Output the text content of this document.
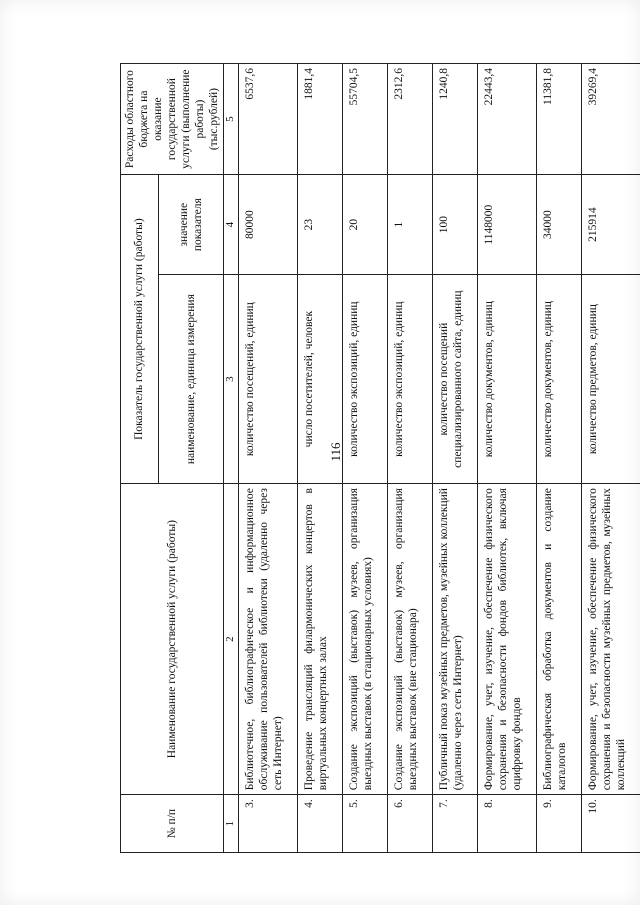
116
№ п/п	Наименование государственной услуги (работы)	Показатель государственной услуги (работы)		Расходы областного бюджета на оказание государственной услуги (выполнение работы) (тыс.рублей)
		наименование, единица измерения	значение показателя	
1	2	3	4	5
3.	Библиотечное, библиографическое и информационное обслуживание пользователей библиотеки (удаленно через сеть Интернет)	количество посещений, единиц	80000	6537,6
4.	Проведение трансляций филармонических концертов в виртуальных концертных залах	число посетителей, человек	23	1881,4
5.	Создание экспозиций (выставок) музеев, организация выездных выставок (в стационарных условиях)	количество экспозиций, единиц	20	55704,5
6.	Создание экспозиций (выставок) музеев, организация выездных выставок (вне стационара)	количество экспозиций, единиц	1	2312,6
7.	Публичный показ музейных предметов, музейных коллекций (удаленно через сеть Интернет)	количество посещений специализированного сайта, единиц	100	1240,8
8.	Формирование, учет, изучение, обеспечение физического сохранения и безопасности фондов библиотек, включая оцифровку фондов	количество документов, единиц	1148000	22443,4
9.	Библиографическая обработка документов и создание каталогов	количество документов, единиц	34000	11381,8
10.	Формирование, учет, изучение, обеспечение физического сохранения и безопасности музейных предметов, музейных коллекций	количество предметов, единиц	215914	39269,4
